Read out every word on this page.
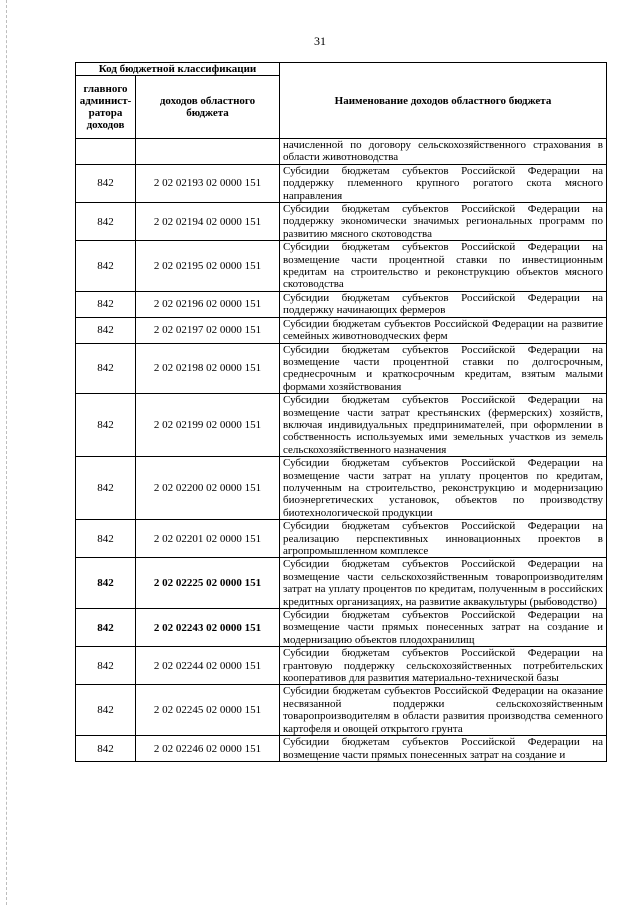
31
Код бюджетной классификации		Наименование доходов областного бюджета
главного админист-ратора доходов	доходов областного бюджета	
		начисленной по договору сельскохозяйственного страхования в области животноводства
842	2 02 02193 02 0000 151	Субсидии бюджетам субъектов Российской Федерации на поддержку племенного крупного рогатого скота мясного направления
842	2 02 02194 02 0000 151	Субсидии бюджетам субъектов Российской Федерации на поддержку экономически значимых региональных программ по развитию мясного скотоводства
842	2 02 02195 02 0000 151	Субсидии бюджетам субъектов Российской Федерации на возмещение части процентной ставки по инвестиционным кредитам на строительство и реконструкцию объектов мясного скотоводства
842	2 02 02196 02 0000 151	Субсидии бюджетам субъектов Российской Федерации на поддержку начинающих фермеров
842	2 02 02197 02 0000 151	Субсидии бюджетам субъектов Российской Федерации на развитие семейных животноводческих ферм
842	2 02 02198 02 0000 151	Субсидии бюджетам субъектов Российской Федерации на возмещение части процентной ставки по долгосрочным, среднесрочным и краткосрочным кредитам, взятым малыми формами хозяйствования
842	2 02 02199 02 0000 151	Субсидии бюджетам субъектов Российской Федерации на возмещение части затрат крестьянских (фермерских) хозяйств, включая индивидуальных предпринимателей, при оформлении в собственность используемых ими земельных участков из земель сельскохозяйственного назначения
842	2 02 02200 02 0000 151	Субсидии бюджетам субъектов Российской Федерации на возмещение части затрат на уплату процентов по кредитам, полученным на строительство, реконструкцию и модернизацию биоэнергетических установок, объектов по производству биотехнологической продукции
842	2 02 02201 02 0000 151	Субсидии бюджетам субъектов Российской Федерации на реализацию перспективных инновационных проектов в агропромышленном комплексе
842	2 02 02225 02 0000 151	Субсидии бюджетам субъектов Российской Федерации на возмещение части сельскохозяйственным товаропроизводителям затрат на уплату процентов по кредитам, полученным в российских кредитных организациях, на развитие аквакультуры (рыбоводство)
842	2 02 02243 02 0000 151	Субсидии бюджетам субъектов Российской Федерации на возмещение части прямых понесенных затрат на создание и модернизацию объектов плодохранилищ
842	2 02 02244 02 0000 151	Субсидии бюджетам субъектов Российской Федерации на грантовую поддержку сельскохозяйственных потребительских кооперативов для развития материально-технической базы
842	2 02 02245 02 0000 151	Субсидии бюджетам субъектов Российской Федерации на оказание несвязанной поддержки сельскохозяйственным товаропроизводителям в области развития производства семенного картофеля и овощей открытого грунта
842	2 02 02246 02 0000 151	Субсидии бюджетам субъектов Российской Федерации на возмещение части прямых понесенных затрат на создание и
